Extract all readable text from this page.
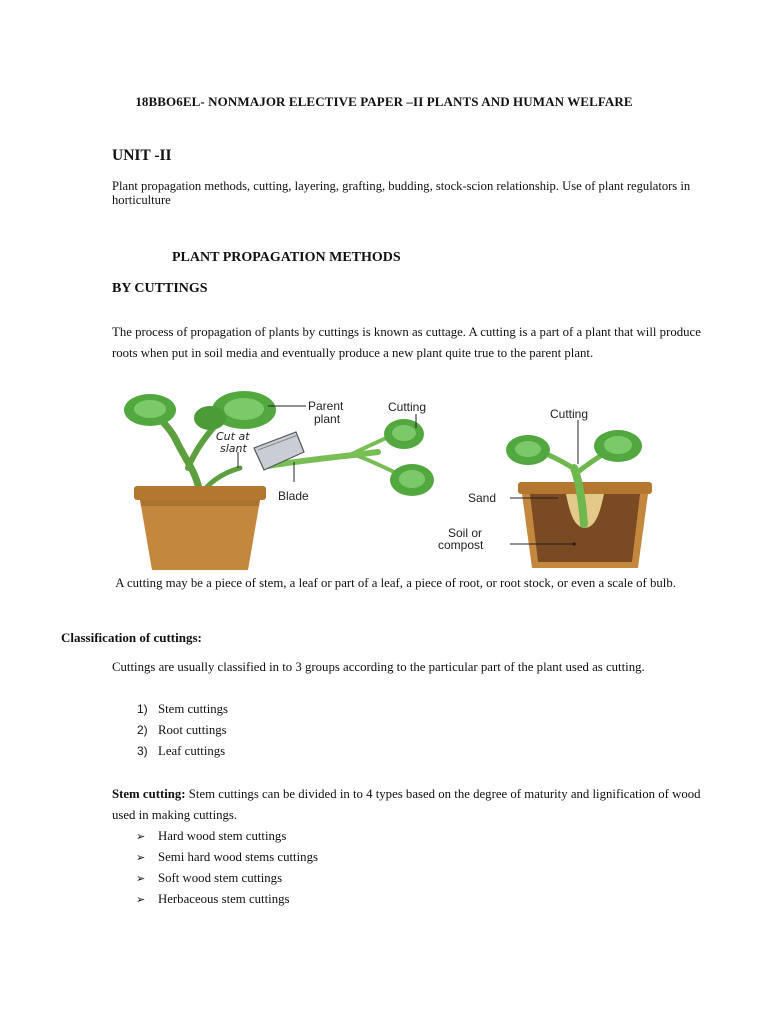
18BBO6EL- NONMAJOR ELECTIVE PAPER –II PLANTS AND HUMAN WELFARE
UNIT -II
Plant propagation methods, cutting, layering, grafting, budding, stock-scion relationship. Use of plant regulators in horticulture
PLANT PROPAGATION METHODS
BY CUTTINGS
The process of propagation of plants by cuttings is known as cuttage. A cutting is a part of a plant that will produce roots when put in soil media and eventually produce a new plant quite true to the parent plant.
Parent
plant
Cutting
Cut at
slant
Blade
Cutting
Sand
Soil or
compost
A cutting may be a piece of stem, a leaf or part of a leaf, a piece of root, or root stock, or even a scale of bulb.
Classification of cuttings:
Cuttings are usually classified in to 3 groups according to the particular part of the plant used as cutting.
1) Stem cuttings
2) Root cuttings
3) Leaf cuttings
Stem cutting: Stem cuttings can be divided in to 4 types based on the degree of maturity and lignification of wood used in making cuttings.
➢ Hard wood stem cuttings
➢ Semi hard wood stems cuttings
➢ Soft wood stem cuttings
➢ Herbaceous stem cuttings
